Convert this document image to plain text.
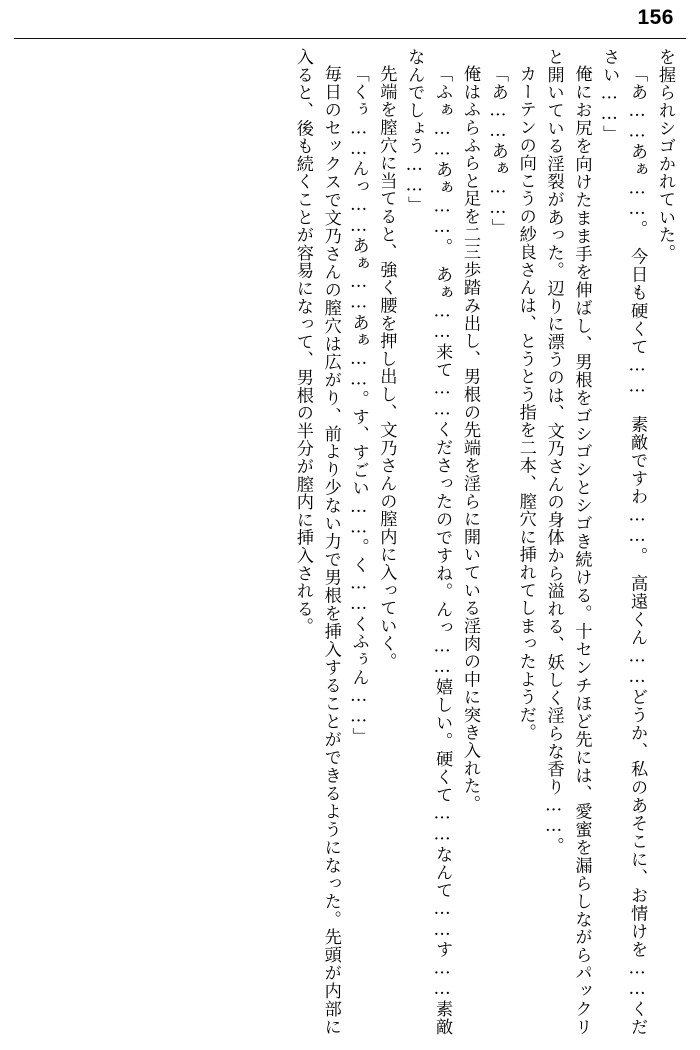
156

を握られシゴかれていた。

「あ……あぁ……。　今日も硬くて……　素敵ですわ……。　高遠くん……どうか、私のあそこに、お情けを……ください……」

俺にお尻を向けたまま手を伸ばし、男根をゴシゴシとシゴき続ける。十センチほど先には、愛蜜を漏らしながらパックリと開いている淫裂があった。辺りに漂うのは、文乃さんの身体から溢れる、妖しく淫らな香り……。

カーテンの向こうの紗良さんは、とうとう指を二本、膣穴に挿れてしまったようだ。

「あ……あぁ……」

俺はふらふらと足を二三歩踏み出し、男根の先端を淫らに開いている淫肉の中に突き入れた。

「ふぁ……あぁ……。　あぁ……来て……くださったのですね。んっ……嬉しい。硬くて……なんて……す……素敵なんでしょう……」

先端を膣穴に当てると、強く腰を押し出し、文乃さんの膣内に入っていく。

「くぅ……んっ……あぁ……あぁ……。す、すごい……。く……くふぅん……」

毎日のセックスで文乃さんの膣穴は広がり、前より少ない力で男根を挿入することができるようになった。先頭が内部に入ると、後も続くことが容易になって、男根の半分が膣内に挿入される。
